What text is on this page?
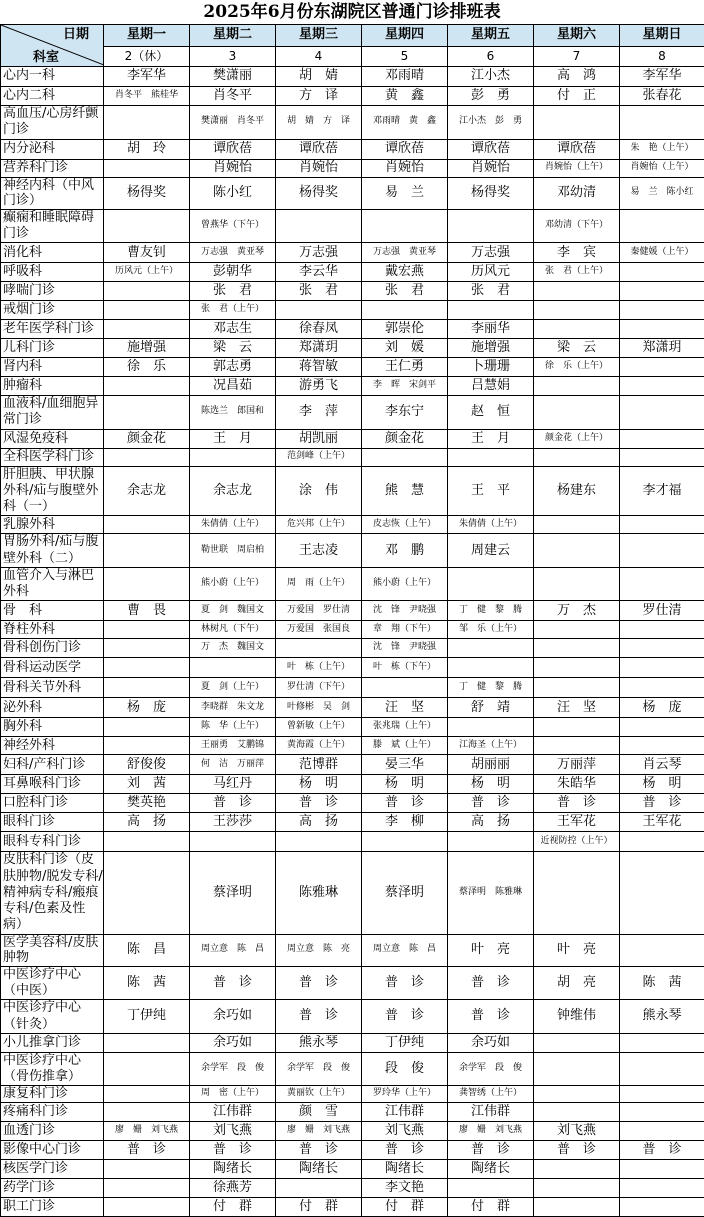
2025年6月份东湖院区普通门诊排班表
日期
科室	星期一	星期二	星期三	星期四	星期五	星期六	星期日
	2（休）	3	4	5	6	7	8
心内一科	李军华	樊潇丽	胡　婧	邓雨晴	江小杰	高　鸿	李军华
心内二科	肖冬平　熊桂华	肖冬平	方　译	黄　鑫	彭　勇	付　正	张春花
高血压/心房纤颤门诊		樊潇丽　肖冬平	胡　婧　方　译	邓雨晴　黄　鑫	江小杰　彭　勇		
内分泌科	胡　玲	谭欣蓓	谭欣蓓	谭欣蓓	谭欣蓓	谭欣蓓	朱　艳（上午）
营养科门诊		肖婉怡	肖婉怡	肖婉怡	肖婉怡	肖婉怡（上午）	肖婉怡（上午）
神经内科（中风门诊）	杨得奖	陈小红	杨得奖	易　兰	杨得奖	邓幼清	易　兰　陈小红
癫痫和睡眠障碍门诊		曾燕华（下午）				邓幼清（下午）	
消化科	曹友钊	万志强　黄亚琴	万志强	万志强　黄亚琴	万志强	李　宾	秦健媛（上午）
呼吸科	历风元（上午）	彭朝华	李云华	戴宏燕	历风元	张　君（上午）	
哮喘门诊		张　君	张　君	张　君	张　君		
戒烟门诊		张　君（上午）					
老年医学科门诊		邓志生	徐春凤	郭崇伦	李丽华		
儿科门诊	施增强	梁　云	郑潇玥	刘　媛	施增强	梁　云	郑潇玥
肾内科	徐　乐	郭志勇	蒋智敏	王仁勇	卜珊珊	徐　乐（上午）	
肿瘤科		况昌茹	游勇飞	李　晖　宋剑平	吕慧娟		
血液科/血细胞异常门诊		陈选兰　郎国和	李　萍	李东宁	赵　恒		
风湿免疫科	颜金花	王　月	胡凯丽	颜金花	王　月	颜金花（上午）	
全科医学科门诊			范剑峰（上午）				
肝胆胰、甲状腺外科/疝与腹壁外科（一）	余志龙	余志龙	涂　伟	熊　慧	王　平	杨建东	李才福
乳腺外科		朱倩倩（上午）	危兴邦（上午）	皮志恢（上午）	朱倩倩（上午）		
胃肠外科/疝与腹壁外科（二）		勒世联　周启柏	王志凌	邓　鹏	周建云		
血管介入与淋巴外科		熊小蔚（上午）	周　雨（上午）	熊小蔚（上午）			
骨　科	曹　畏	夏　剑　魏国文	万爱国　罗仕清	沈　锋　尹晓强	丁　健　黎　腾	万　杰	罗仕清
脊柱外科		林树凡（下午）	万爱国　张国良	章　翔（下午）	邹　乐（上午）		
骨科创伤门诊		万　杰　魏国文		沈　锋　尹晓强			
骨科运动医学			叶　栋（上午）	叶　栋（下午）			
骨科关节外科		夏　剑（上午）	罗仕清（下午）		丁　健　黎　腾		
泌外科	杨　庞	李晓群　朱文龙	叶修彬　吴　剑	汪　坚	舒　靖	汪　坚	杨　庞
胸外科		陈　华（上午）	曾新敏（上午）	张兆瑞（上午）			
神经外科		王丽勇　艾鹏锦	黄海霞（上午）	滕　斌（上午）	江海圣（上午）		
妇科/产科门诊	舒俊俊	何　洁　万丽萍	范博群	晏三华	胡丽丽	万丽萍	肖云琴
耳鼻喉科门诊	刘　茜	马红丹	杨　明	杨　明	杨　明	朱皓华	杨　明
口腔科门诊	樊英艳	普　诊	普　诊	普　诊	普　诊	普　诊	普　诊
眼科门诊	高　扬	王莎莎	高　扬	李　柳	高　扬	王军花	王军花
眼科专科门诊						近视防控（上午）	
皮肤科门诊（皮肤肿物/脱发专科/精神病专科/瘢痕专科/色素及性病）		蔡泽明	陈雅琳	蔡泽明	蔡泽明　陈雅琳		
医学美容科/皮肤肿物	陈　昌	周立意　陈　昌	周立意　陈　亮	周立意　陈　昌	叶　亮	叶　亮	
中医诊疗中心（中医）	陈　茜	普　诊	普　诊	普　诊	普　诊	胡　亮	陈　茜
中医诊疗中心（针灸）	丁伊纯	余巧如	普　诊	普　诊	普　诊	钟维伟	熊永琴
小儿推拿门诊		余巧如	熊永琴	丁伊纯	余巧如		
中医诊疗中心（骨伤推拿）		余学军　段　俊	余学军　段　俊	段　俊	余学军　段　俊		
康复科门诊		周　密（上午）	黄丽钦（上午）	罗玲华（上午）	龚智绣（上午）		
疼痛科门诊		江伟群	颜　雪	江伟群	江伟群		
血透门诊	廖　姗　刘飞燕	刘飞燕	廖　姗　刘飞燕	刘飞燕	廖　姗　刘飞燕	刘飞燕	
影像中心门诊	普　诊	普　诊	普　诊	普　诊	普　诊	普　诊	普　诊
核医学门诊		陶绪长	陶绪长	陶绪长	陶绪长		
药学门诊		徐燕芳		李文艳			
职工门诊		付　群	付　群	付　群	付　群		
